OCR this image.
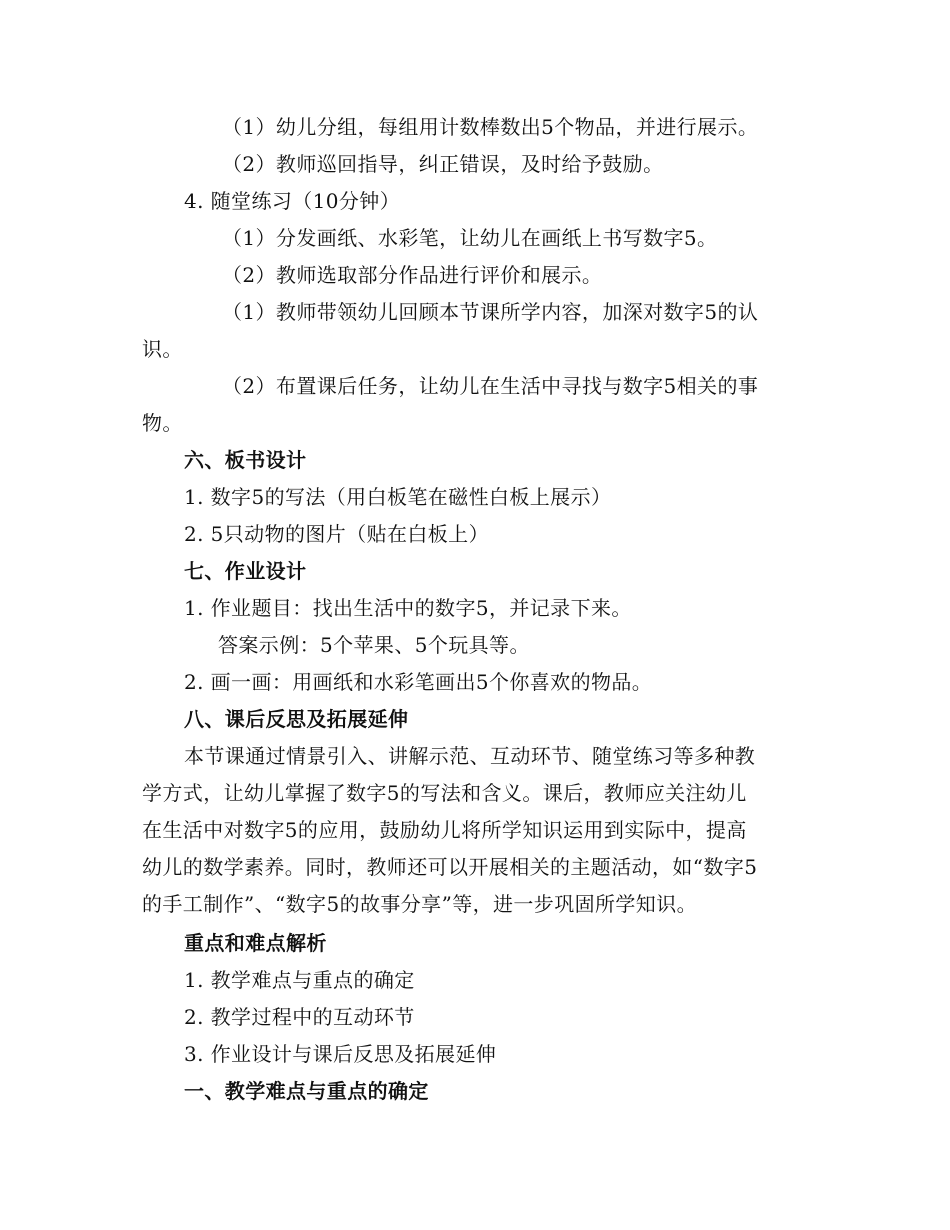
（1）幼儿分组，每组用计数棒数出5个物品，并进行展示。
（2）教师巡回指导，纠正错误，及时给予鼓励。
4. 随堂练习（10分钟）
（1）分发画纸、水彩笔，让幼儿在画纸上书写数字5。
（2）教师选取部分作品进行评价和展示。
（1）教师带领幼儿回顾本节课所学内容，加深对数字5的认
识。
（2）布置课后任务，让幼儿在生活中寻找与数字5相关的事
物。
六、板书设计
1. 数字5的写法（用白板笔在磁性白板上展示）
2. 5只动物的图片（贴在白板上）
七、作业设计
1. 作业题目：找出生活中的数字5，并记录下来。
答案示例：5个苹果、5个玩具等。
2. 画一画：用画纸和水彩笔画出5个你喜欢的物品。
八、课后反思及拓展延伸
本节课通过情景引入、讲解示范、互动环节、随堂练习等多种教
学方式，让幼儿掌握了数字5的写法和含义。课后，教师应关注幼儿
在生活中对数字5的应用，鼓励幼儿将所学知识运用到实际中，提高
幼儿的数学素养。同时，教师还可以开展相关的主题活动，如“数字5
的手工制作”、“数字5的故事分享”等，进一步巩固所学知识。
重点和难点解析
1. 教学难点与重点的确定
2. 教学过程中的互动环节
3. 作业设计与课后反思及拓展延伸
一、教学难点与重点的确定
